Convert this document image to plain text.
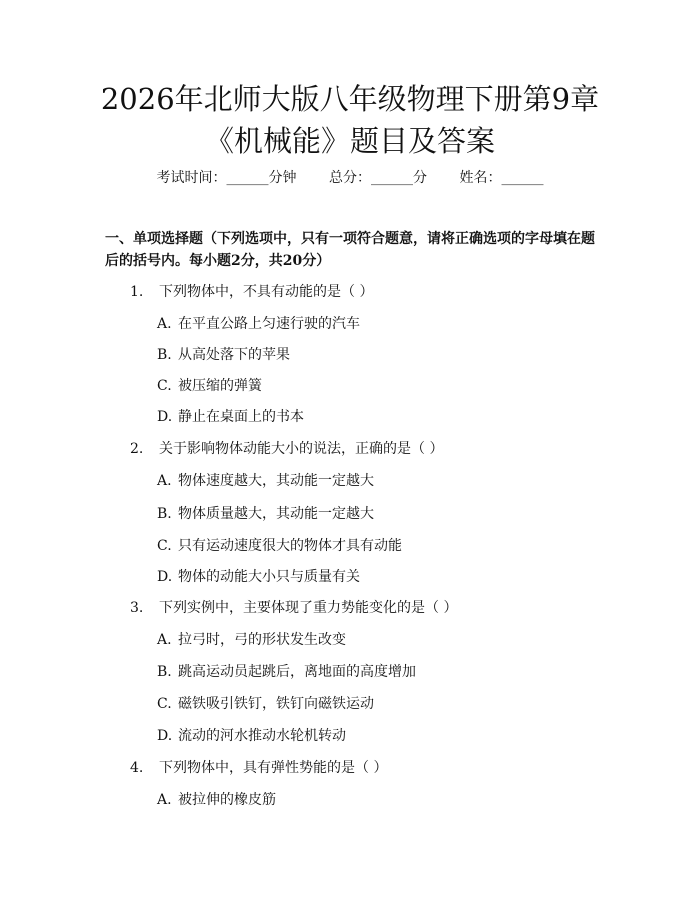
2026年北师大版八年级物理下册第9章《机械能》题目及答案
考试时间：______分钟 总分：______分 姓名：______

一、单项选择题（下列选项中，只有一项符合题意，请将正确选项的字母填在题后的括号内。每小题2分，共20分）

1. 下列物体中，不具有动能的是（ ）
A. 在平直公路上匀速行驶的汽车
B. 从高处落下的苹果
C. 被压缩的弹簧
D. 静止在桌面上的书本
2. 关于影响物体动能大小的说法，正确的是（ ）
A. 物体速度越大，其动能一定越大
B. 物体质量越大，其动能一定越大
C. 只有运动速度很大的物体才具有动能
D. 物体的动能大小只与质量有关
3. 下列实例中，主要体现了重力势能变化的是（ ）
A. 拉弓时，弓的形状发生改变
B. 跳高运动员起跳后，离地面的高度增加
C. 磁铁吸引铁钉，铁钉向磁铁运动
D. 流动的河水推动水轮机转动
4. 下列物体中，具有弹性势能的是（ ）
A. 被拉伸的橡皮筋
